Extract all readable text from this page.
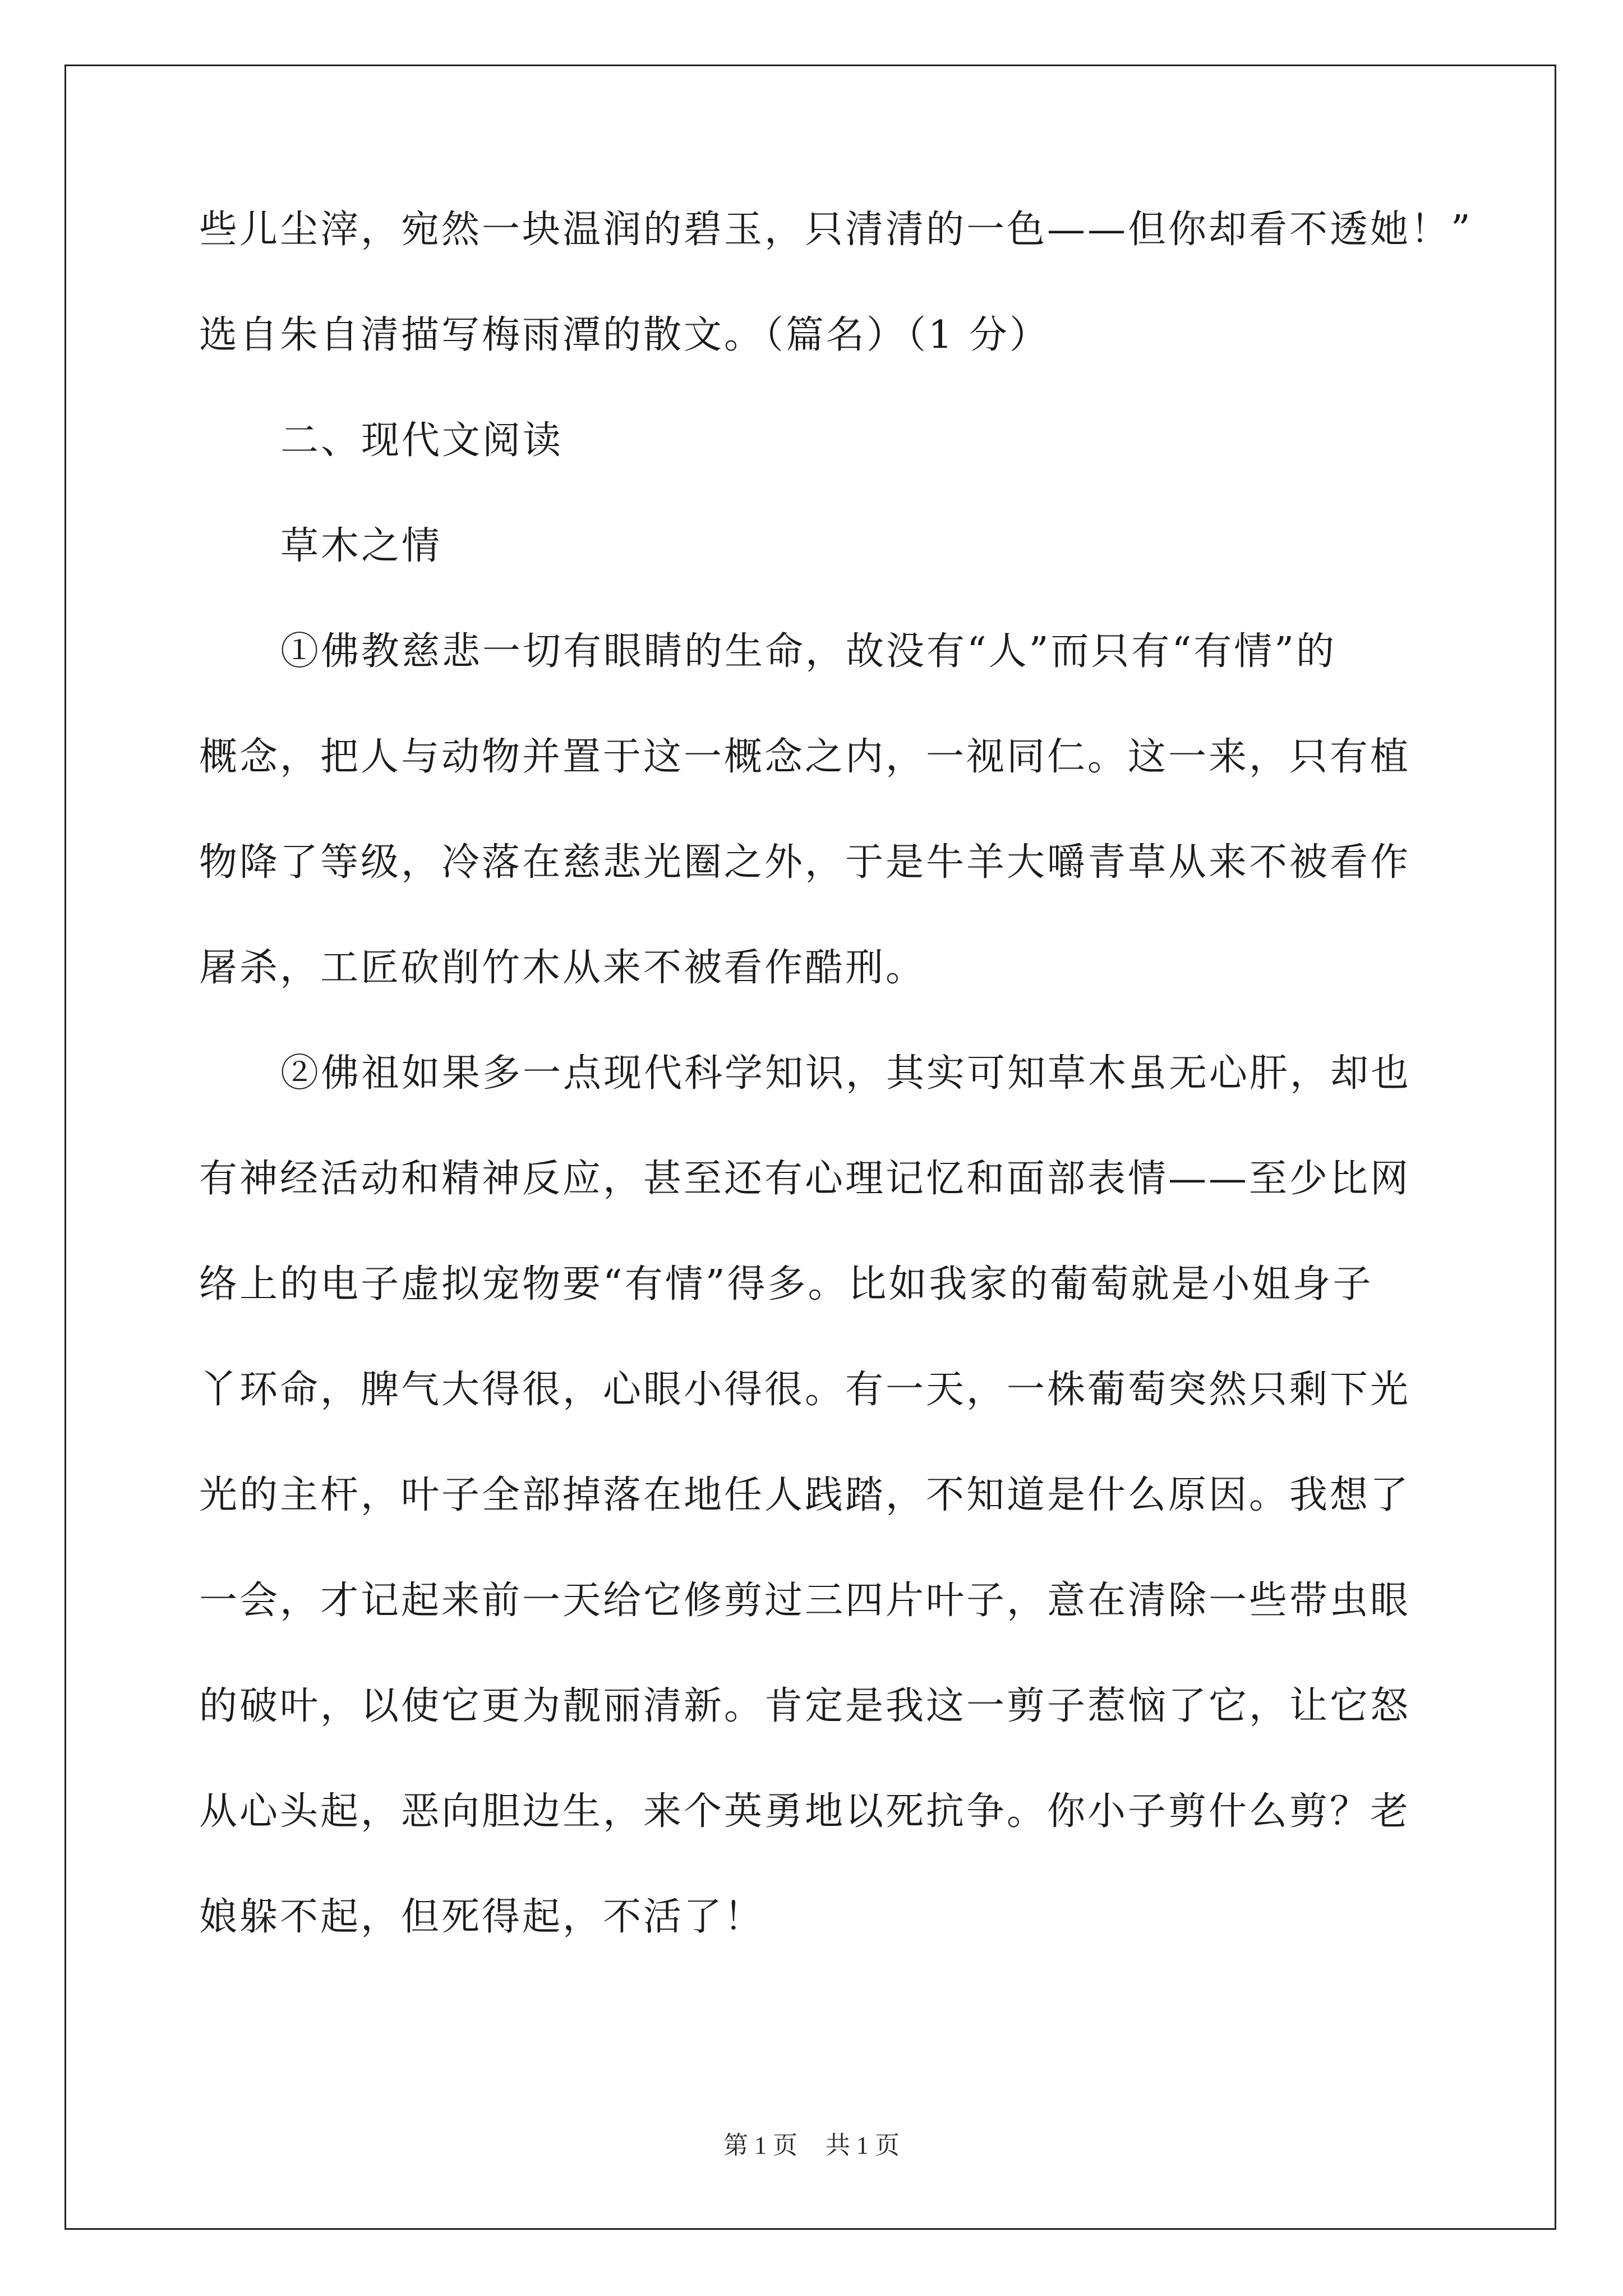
些儿尘滓，宛然一块温润的碧玉，只清清的一色——但你却看不透她！”
选自朱自清描写梅雨潭的散文。（篇名）（1 分）
二、现代文阅读
草木之情
①佛教慈悲一切有眼睛的生命，故没有“人”而只有“有情”的
概念，把人与动物并置于这一概念之内，一视同仁。这一来，只有植
物降了等级，冷落在慈悲光圈之外，于是牛羊大嚼青草从来不被看作
屠杀，工匠砍削竹木从来不被看作酷刑。
②佛祖如果多一点现代科学知识，其实可知草木虽无心肝，却也
有神经活动和精神反应，甚至还有心理记忆和面部表情——至少比网
络上的电子虚拟宠物要“有情”得多。比如我家的葡萄就是小姐身子
丫环命，脾气大得很，心眼小得很。有一天，一株葡萄突然只剩下光
光的主杆，叶子全部掉落在地任人践踏，不知道是什么原因。我想了
一会，才记起来前一天给它修剪过三四片叶子，意在清除一些带虫眼
的破叶，以使它更为靓丽清新。肯定是我这一剪子惹恼了它，让它怒
从心头起，恶向胆边生，来个英勇地以死抗争。你小子剪什么剪？老
娘躲不起，但死得起，不活了！
第 1 页 共 1 页
